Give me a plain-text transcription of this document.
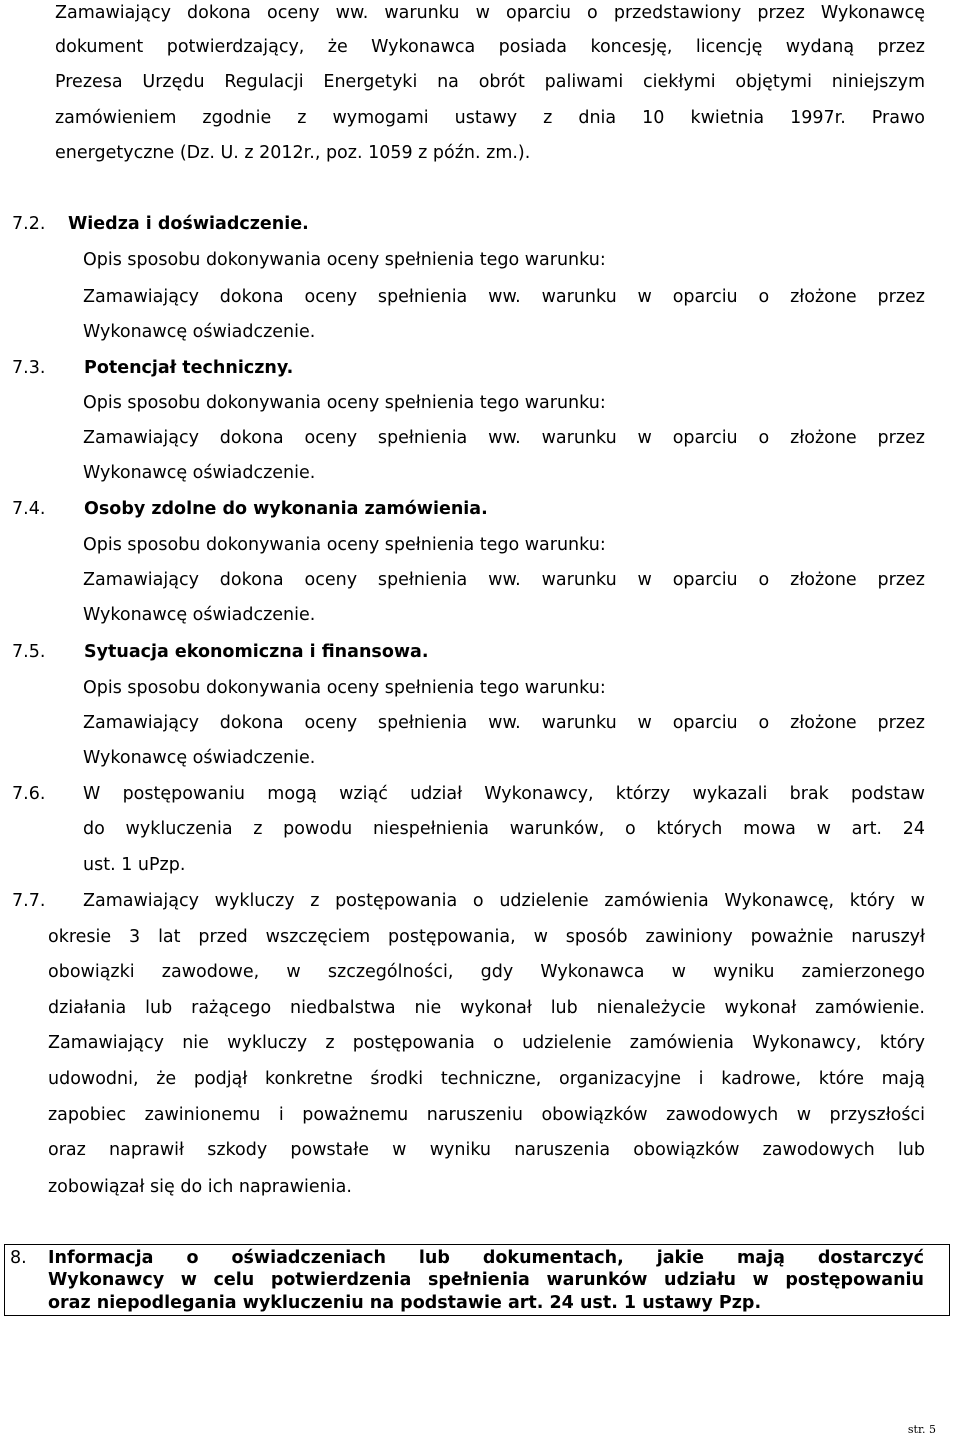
Zamawiający dokona oceny ww. warunku w oparciu o przedstawiony przez Wykonawcę
dokument potwierdzający, że Wykonawca posiada koncesję, licencję wydaną przez
Prezesa Urzędu Regulacji Energetyki na obrót paliwami ciekłymi objętymi niniejszym
zamówieniem zgodnie z wymogami ustawy z dnia 10 kwietnia 1997r. Prawo
energetyczne (Dz. U. z 2012r., poz. 1059 z późn. zm.).
7.2. Wiedza i doświadczenie.
Opis sposobu dokonywania oceny spełnienia tego warunku:
Zamawiający dokona oceny spełnienia ww. warunku w oparciu o złożone przez
Wykonawcę oświadczenie.
7.3. Potencjał techniczny.
Opis sposobu dokonywania oceny spełnienia tego warunku:
Zamawiający dokona oceny spełnienia ww. warunku w oparciu o złożone przez
Wykonawcę oświadczenie.
7.4. Osoby zdolne do wykonania zamówienia.
Opis sposobu dokonywania oceny spełnienia tego warunku:
Zamawiający dokona oceny spełnienia ww. warunku w oparciu o złożone przez
Wykonawcę oświadczenie.
7.5. Sytuacja ekonomiczna i finansowa.
Opis sposobu dokonywania oceny spełnienia tego warunku:
Zamawiający dokona oceny spełnienia ww. warunku w oparciu o złożone przez
Wykonawcę oświadczenie.
7.6. W postępowaniu mogą wziąć udział Wykonawcy, którzy wykazali brak podstaw
do wykluczenia z powodu niespełnienia warunków, o których mowa w art. 24
ust. 1 uPzp.
7.7. Zamawiający wykluczy z postępowania o udzielenie zamówienia Wykonawcę, który w
okresie 3 lat przed wszczęciem postępowania, w sposób zawiniony poważnie naruszył
obowiązki zawodowe, w szczególności, gdy Wykonawca w wyniku zamierzonego
działania lub rażącego niedbalstwa nie wykonał lub nienależycie wykonał zamówienie.
Zamawiający nie wykluczy z postępowania o udzielenie zamówienia Wykonawcy, który
udowodni, że podjął konkretne środki techniczne, organizacyjne i kadrowe, które mają
zapobiec zawinionemu i poważnemu naruszeniu obowiązków zawodowych w przyszłości
oraz naprawił szkody powstałe w wyniku naruszenia obowiązków zawodowych lub
zobowiązał się do ich naprawienia.
8. Informacja o oświadczeniach lub dokumentach, jakie mają dostarczyć
Wykonawcy w celu potwierdzenia spełnienia warunków udziału w postępowaniu
oraz niepodlegania wykluczeniu na podstawie art. 24 ust. 1 ustawy Pzp.
str. 5
